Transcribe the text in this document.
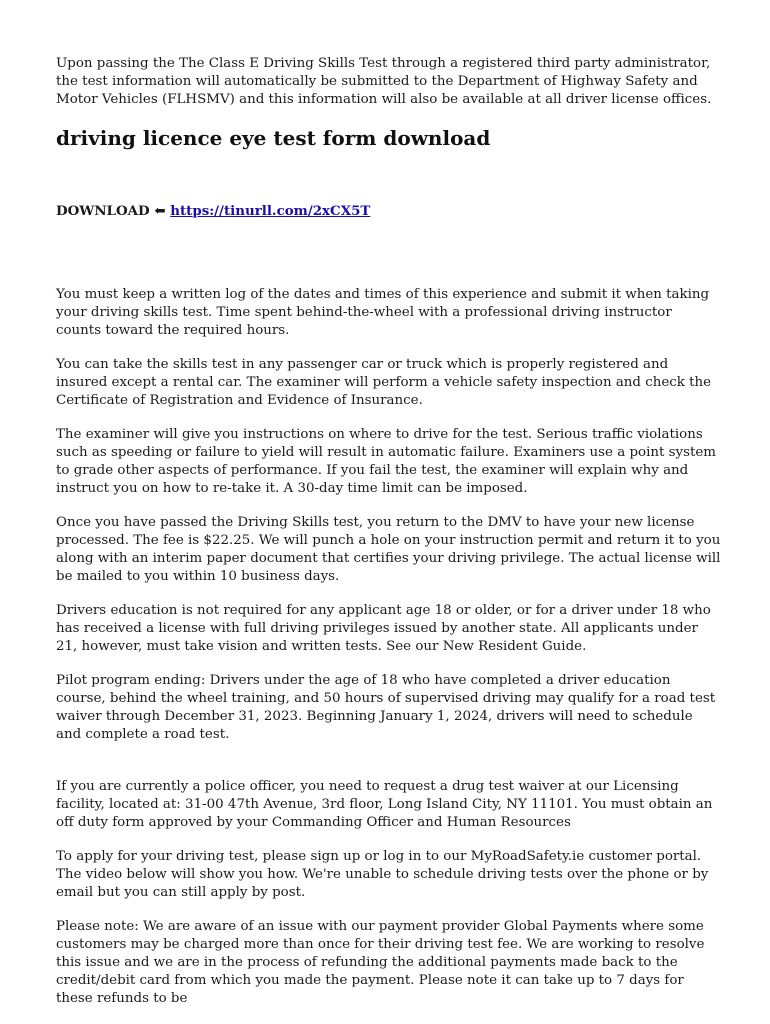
Upon passing the The Class E Driving Skills Test through a registered third party administrator, the test information will automatically be submitted to the Department of Highway Safety and Motor Vehicles (FLHSMV) and this information will also be available at all driver license offices.

driving licence eye test form download
DOWNLOAD ⬅ https://tinurll.com/2xCX5T

You must keep a written log of the dates and times of this experience and submit it when taking your driving skills test. Time spent behind-the-wheel with a professional driving instructor counts toward the required hours.

You can take the skills test in any passenger car or truck which is properly registered and insured except a rental car. The examiner will perform a vehicle safety inspection and check the Certificate of Registration and Evidence of Insurance.

The examiner will give you instructions on where to drive for the test. Serious traffic violations such as speeding or failure to yield will result in automatic failure. Examiners use a point system to grade other aspects of performance. If you fail the test, the examiner will explain why and instruct you on how to re-take it. A 30-day time limit can be imposed.

Once you have passed the Driving Skills test, you return to the DMV to have your new license processed. The fee is $22.25. We will punch a hole on your instruction permit and return it to you along with an interim paper document that certifies your driving privilege. The actual license will be mailed to you within 10 business days.

Drivers education is not required for any applicant age 18 or older, or for a driver under 18 who has received a license with full driving privileges issued by another state. All applicants under 21, however, must take vision and written tests. See our New Resident Guide.

Pilot program ending: Drivers under the age of 18 who have completed a driver education course, behind the wheel training, and 50 hours of supervised driving may qualify for a road test waiver through December 31, 2023. Beginning January 1, 2024, drivers will need to schedule and complete a road test.

If you are currently a police officer, you need to request a drug test waiver at our Licensing facility, located at: 31-00 47th Avenue, 3rd floor, Long Island City, NY 11101. You must obtain an off duty form approved by your Commanding Officer and Human Resources

To apply for your driving test, please sign up or log in to our MyRoadSafety.ie customer portal. The video below will show you how. We're unable to schedule driving tests over the phone or by email but you can still apply by post.

Please note: We are aware of an issue with our payment provider Global Payments where some customers may be charged more than once for their driving test fee. We are working to resolve this issue and we are in the process of refunding the additional payments made back to the credit/debit card from which you made the payment. Please note it can take up to 7 days for these refunds to be
